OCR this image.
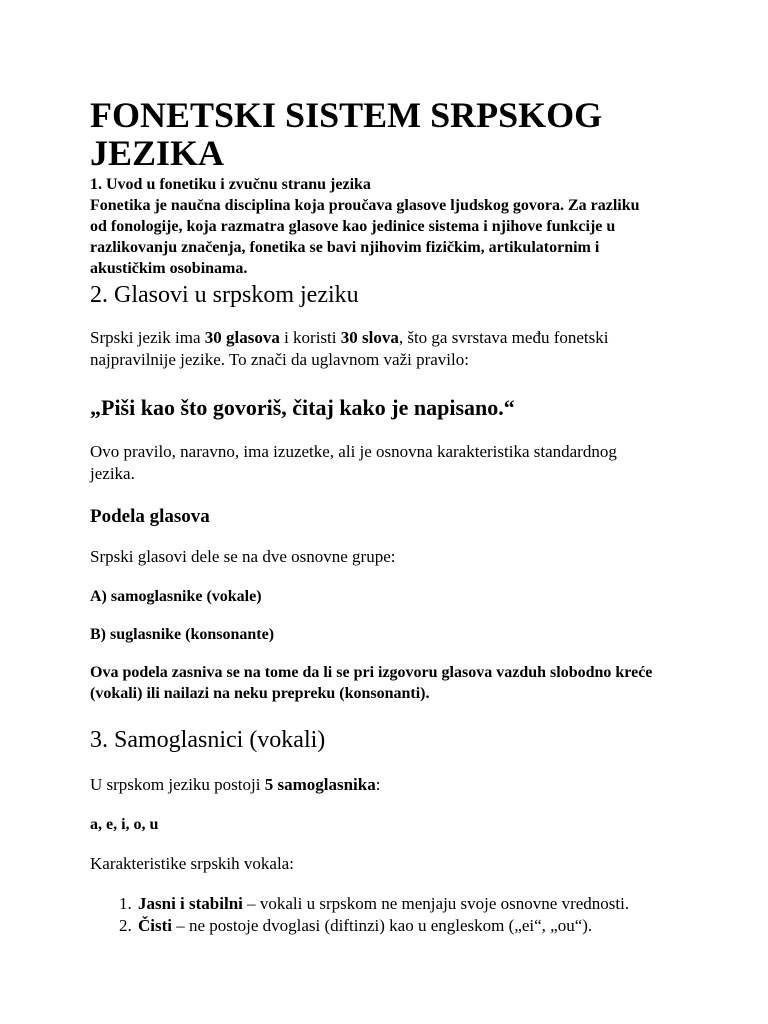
FONETSKI SISTEM SRPSKOG JEZIKA

1. Uvod u fonetiku i zvučnu stranu jezika

Fonetika je naučna disciplina koja proučava glasove ljudskog govora. Za razliku od fonologije, koja razmatra glasove kao jedinice sistema i njihove funkcije u razlikovanju značenja, fonetika se bavi njihovim fizičkim, artikulatornim i akustičkim osobinama.

2. Glasovi u srpskom jeziku

Srpski jezik ima 30 glasova i koristi 30 slova, što ga svrstava među fonetski najpravilnije jezike. To znači da uglavnom važi pravilo:

„Piši kao što govoriš, čitaj kako je napisano.“

Ovo pravilo, naravno, ima izuzetke, ali je osnovna karakteristika standardnog jezika.

Podela glasova

Srpski glasovi dele se na dve osnovne grupe:

A) samoglasnike (vokale)

B) suglasnike (konsonante)

Ova podela zasniva se na tome da li se pri izgovoru glasova vazduh slobodno kreće (vokali) ili nailazi na neku prepreku (konsonanti).

3. Samoglasnici (vokali)

U srpskom jeziku postoji 5 samoglasnika:

a, e, i, o, u

Karakteristike srpskih vokala:

1. Jasni i stabilni – vokali u srpskom ne menjaju svoje osnovne vrednosti.
2. Čisti – ne postoje dvoglasi (diftinzi) kao u engleskom („ei“, „ou“).
